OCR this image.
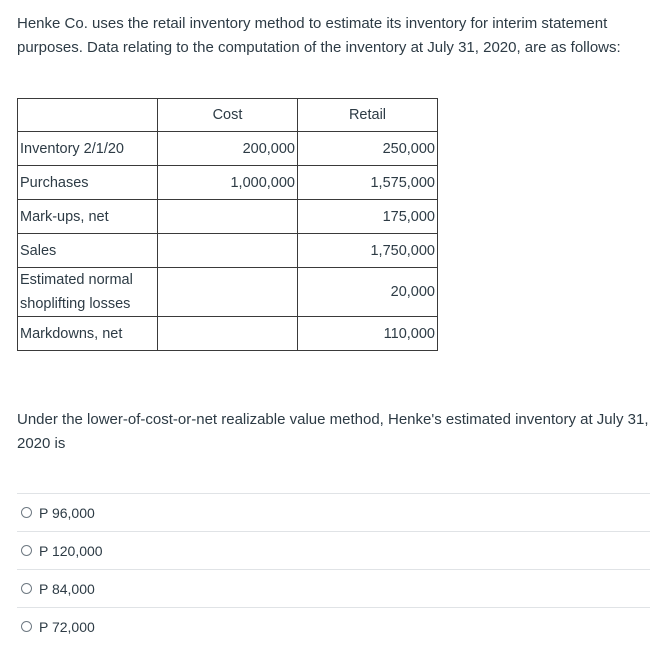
Henke Co. uses the retail inventory method to estimate its inventory for interim statement purposes. Data relating to the computation of the inventory at July 31, 2020, are as follows:

	Cost	Retail
Inventory 2/1/20	200,000	250,000
Purchases	1,000,000	1,575,000
Mark-ups, net		175,000
Sales		1,750,000
Estimated normal shoplifting losses		20,000
Markdowns, net		110,000

Under the lower-of-cost-or-net realizable value method, Henke's estimated inventory at July 31, 2020 is

P 96,000
P 120,000
P 84,000
P 72,000
